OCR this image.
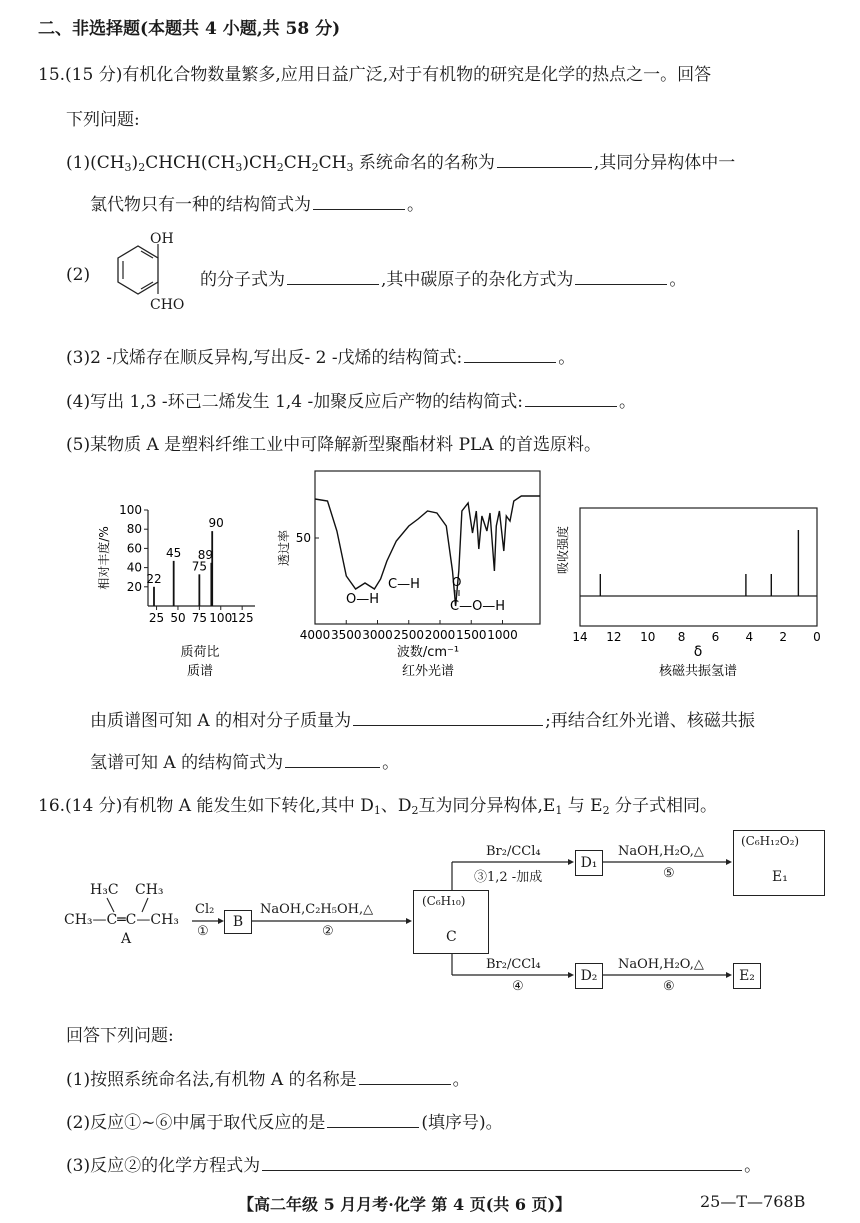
二、非选择题(本题共 4 小题,共 58 分)
15.(15 分)有机化合物数量繁多,应用日益广泛,对于有机物的研究是化学的热点之一。回答
下列问题:
$(1)(CH_3)_2CHCH(CH_3)CH_2CH_2CH_3$ 系统命名的名称为	,其同分异构体中一
氯代物只有一种的结构简式为	。
(2)
OH
CHO
的分子式为	,其中碳原子的杂化方式为	。
(3)2 -戊烯存在顺反异构,写出反- 2 -戊烯的结构简式:	。
(4)写出 1,3 -环己二烯发生 1,4 -加聚反应后产物的结构简式:	。
(5)某物质 A 是塑料纤维工业中可降解新型聚酯材料 PLA 的首选原料。
20
40
60
80
100
25 50 75 100
125
22
45
75
89
90
相对丰度/%
质荷比
质谱
4000 3500 3000 2500 2000 1500 1000
50
透过率
O—H
C—H	O
C—O—H
波数/cm⁻¹
红外光谱
14 12 10 8 6 4 2 0
吸收强度
δ
核磁共振氢谱
由质谱图可知 A 的相对分子质量为	;再结合红外光谱、核磁共振
氢谱可知 A 的结构简式为	。
16.(14 分)有机物 A 能发生如下转化,其中 $D_1$、$D_2$互为同分异构体$,E_1$ 与 $E_2$ 分子式相同。
H₃C CH₃
CH₃—C═C—CH₃
A
Cl₂
①
B
NaOH,C₂H₅OH,△
②
(C₆H₁₀)
C
Br₂/CCl₄
③1,2 -加成
D₁
NaOH,H₂O,△
⑤
(C₆H₁₂O₂)
E₁
Br₂/CCl₄
④
D₂
NaOH,H₂O,△
⑥
E₂
回答下列问题:
(1)按照系统命名法,有机物 A 的名称是	。
(2)反应①~⑥中属于取代反应的是	(填序号)。
(3)反应②的化学方程式为	。
【高二年级 5 月月考·化学 第 4 页(共 6 页)】	25—T—768B
